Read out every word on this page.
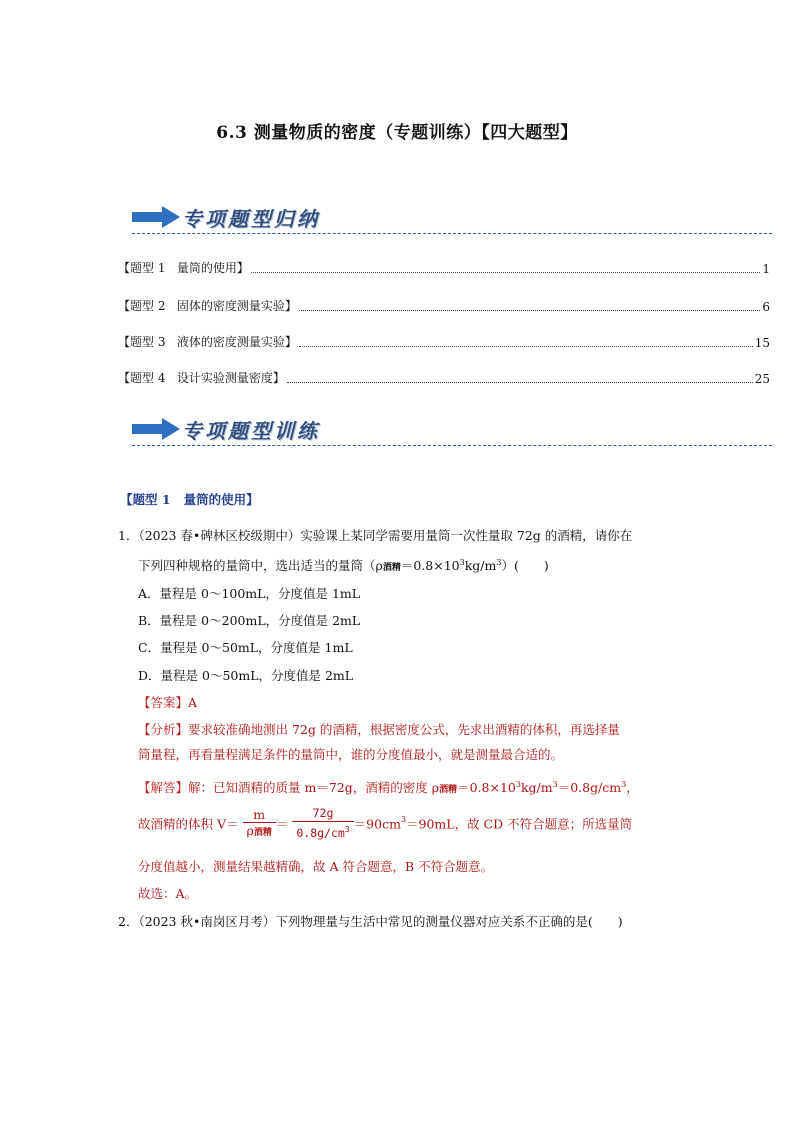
6.3 测量物质的密度（专题训练）【四大题型】
专项题型归纳
【题型 1   量筒的使用】	1
【题型 2   固体的密度测量实验】	6
【题型 3   液体的密度测量实验】	15
【题型 4   设计实验测量密度】	25
专项题型训练
【题型 1   量筒的使用】
1．（2023 春•碑林区校级期中）实验课上某同学需要用量筒一次性量取 72g 的酒精，请你在
下列四种规格的量筒中，选出适当的量筒（ρ酒精$=0.8\times 10^3kg/m^3$）(　　)
A．量程是 0～100mL，分度值是 1mL
B．量程是 0～200mL，分度值是 2mL
C．量程是 0～50mL，分度值是 1mL
D．量程是 0～50mL，分度值是 2mL
【答案】A
【分析】要求较准确地测出 72g 的酒精，根据密度公式，先求出酒精的体积，再选择量
筒量程，再看量程满足条件的量筒中，谁的分度值最小，就是测量最合适的。
【解答】解：已知酒精的质量 m＝72g，酒精的密度 ρ酒精$=0.8\times 10^3kg/m^3=0.8g/cm^3$，
故酒精的体积 $V= \frac{m}{\text{ρ酒精}} = \frac{72g}{0.8g/cm^3} =90cm^3=90mL$，故 CD 不符合题意；所选量筒
分度值越小，测量结果越精确，故 A 符合题意，B 不符合题意。
故选：A。
2．（2023 秋•南岗区月考）下列物理量与生活中常见的测量仪器对应关系不正确的是(　　)
